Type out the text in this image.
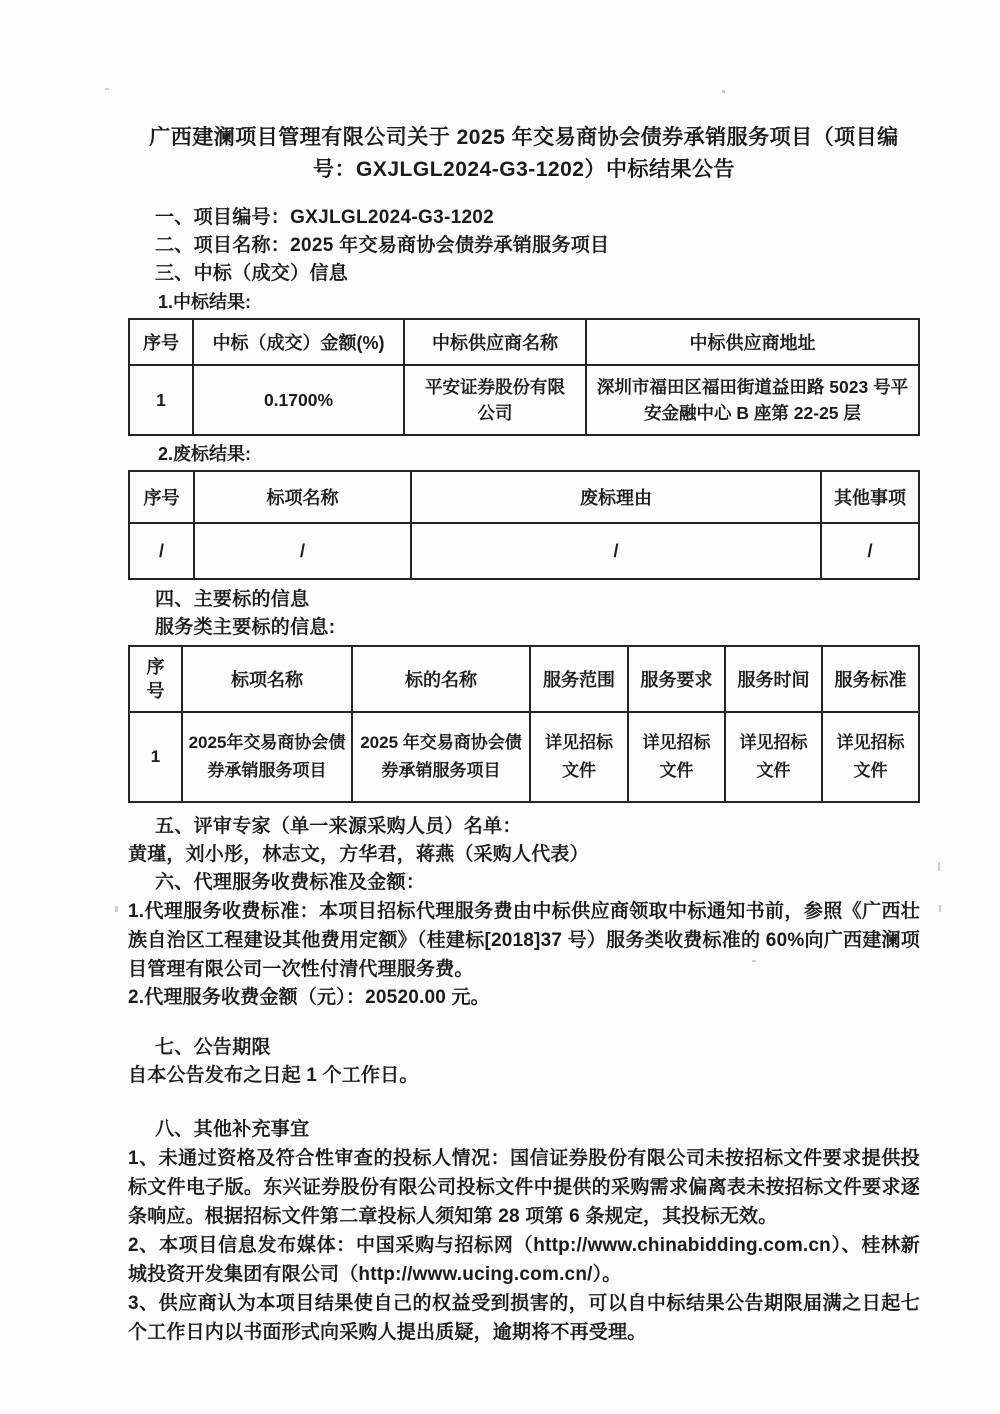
广西建澜项目管理有限公司关于 2025 年交易商协会债券承销服务项目（项目编
号：GXJLGL2024-G3-1202）中标结果公告
一、项目编号：GXJLGL2024-G3-1202
二、项目名称：2025 年交易商协会债券承销服务项目
三、中标（成交）信息
1.中标结果:
序号	中标（成交）金额(%)	中标供应商名称	中标供应商地址
1	0.1700%	平安证券股份有限公司	深圳市福田区福田街道益田路 5023 号平安金融中心 B 座第 22-25 层
2.废标结果:
序号	标项名称	废标理由	其他事项
/	/	/	/
四、主要标的信息
服务类主要标的信息:
序号	标项名称	标的名称	服务范围	服务要求	服务时间	服务标准
1	2025年交易商协会债券承销服务项目	2025 年交易商协会债券承销服务项目	详见招标文件	详见招标文件	详见招标文件	详见招标文件
五、评审专家（单一来源采购人员）名单：
黄瑾，刘小彤，林志文，方华君，蒋燕（采购人代表）
六、代理服务收费标准及金额：
1.代理服务收费标准：本项目招标代理服务费由中标供应商领取中标通知书前，参照《广西壮族自治区工程建设其他费用定额》（桂建标[2018]37 号）服务类收费标准的 60%向广西建澜项目管理有限公司一次性付清代理服务费。
2.代理服务收费金额（元）：20520.00 元。
七、公告期限
自本公告发布之日起 1 个工作日。
八、其他补充事宜
1、未通过资格及符合性审查的投标人情况：国信证券股份有限公司未按招标文件要求提供投标文件电子版。东兴证券股份有限公司投标文件中提供的采购需求偏离表未按招标文件要求逐条响应。根据招标文件第二章投标人须知第 28 项第 6 条规定，其投标无效。
2、本项目信息发布媒体：中国采购与招标网（http://www.chinabidding.com.cn）、桂林新城投资开发集团有限公司（http://www.ucing.com.cn/）。
3、供应商认为本项目结果使自己的权益受到损害的，可以自中标结果公告期限届满之日起七个工作日内以书面形式向采购人提出质疑，逾期将不再受理。
